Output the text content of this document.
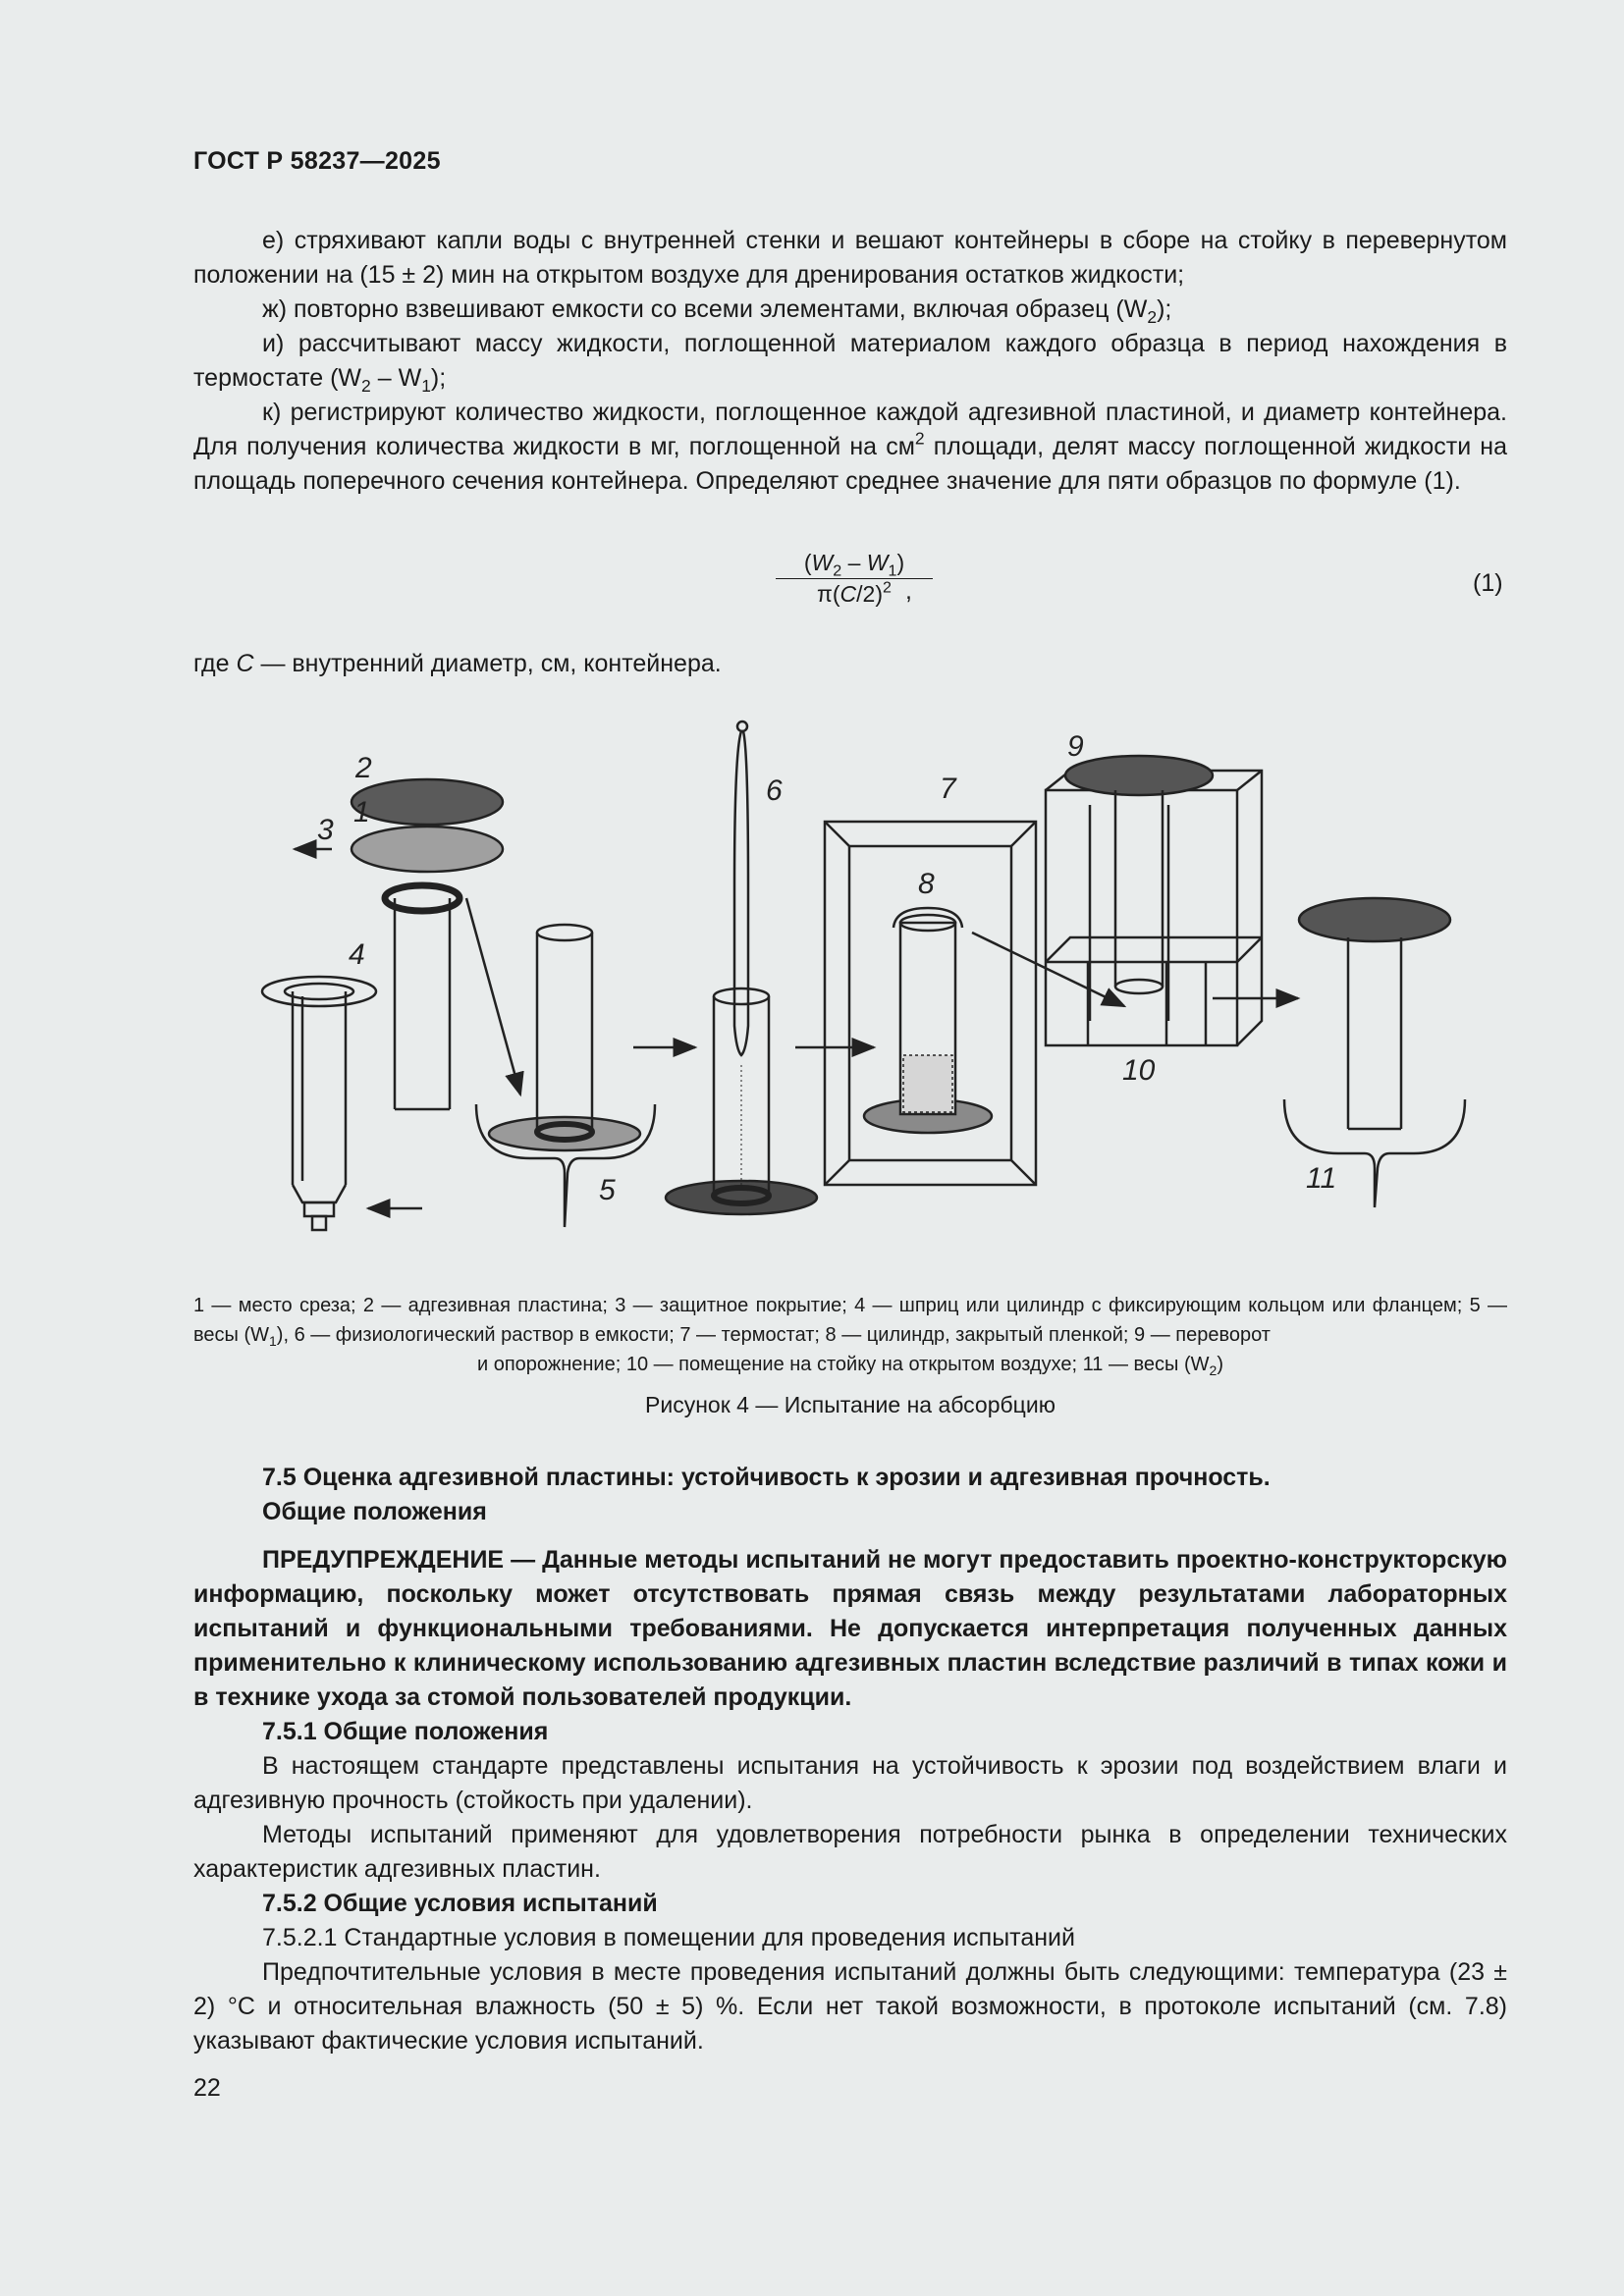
ГОСТ Р 58237—2025

е) стряхивают капли воды с внутренней стенки и вешают контейнеры в сборе на стойку в перевернутом положении на (15 ± 2) мин на открытом воздухе для дренирования остатков жидкости;

ж) повторно взвешивают емкости со всеми элементами, включая образец $(W_2)$;

и) рассчитывают массу жидкости, поглощенной материалом каждого образца в период нахождения в термостате $(W_2 - W_1)$;

к) регистрируют количество жидкости, поглощенное каждой адгезивной пластиной, и диаметр контейнера. Для получения количества жидкости в мг, поглощенной на $см^2$ площади, делят массу поглощенной жидкости на площадь поперечного сечения контейнера. Определяют среднее значение для пяти образцов по формуле (1).

$\frac{(W_2 - W_1)}{\pi(C/2)^2}$
,	(1)
где C — внутренний диаметр, см, контейнера.
1
2
3
4
5
6	7
8
9
10
11
1 — место среза; 2 — адгезивная пластина; 3 — защитное покрытие; 4 — шприц или цилиндр с фиксирующим кольцом или фланцем; 5 — весы $(W_1)$, 6 — физиологический раствор в емкости; 7 — термостат; 8 — цилиндр, закрытый пленкой; 9 — переворот
и опорожнение; 10 — помещение на стойку на открытом воздухе; 11 — весы $(W_2)$
Рисунок 4 — Испытание на абсорбцию

7.5 Оценка адгезивной пластины: устойчивость к эрозии и адгезивная прочность.

Общие положения

ПРЕДУПРЕЖДЕНИЕ — Данные методы испытаний не могут предоставить проектно-конструкторскую информацию, поскольку может отсутствовать прямая связь между результатами лабораторных испытаний и функциональными требованиями. Не допускается интерпретация полученных данных применительно к клиническому использованию адгезивных пластин вследствие различий в типах кожи и в технике ухода за стомой пользователей продукции.

7.5.1 Общие положения

В настоящем стандарте представлены испытания на устойчивость к эрозии под воздействием влаги и адгезивную прочность (стойкость при удалении).

Методы испытаний применяют для удовлетворения потребности рынка в определении технических характеристик адгезивных пластин.

7.5.2 Общие условия испытаний

7.5.2.1 Стандартные условия в помещении для проведения испытаний

Предпочтительные условия в месте проведения испытаний должны быть следующими: температура (23 ± 2) °C и относительная влажность (50 ± 5) %. Если нет такой возможности, в протоколе испытаний (см. 7.8) указывают фактические условия испытаний.

22
